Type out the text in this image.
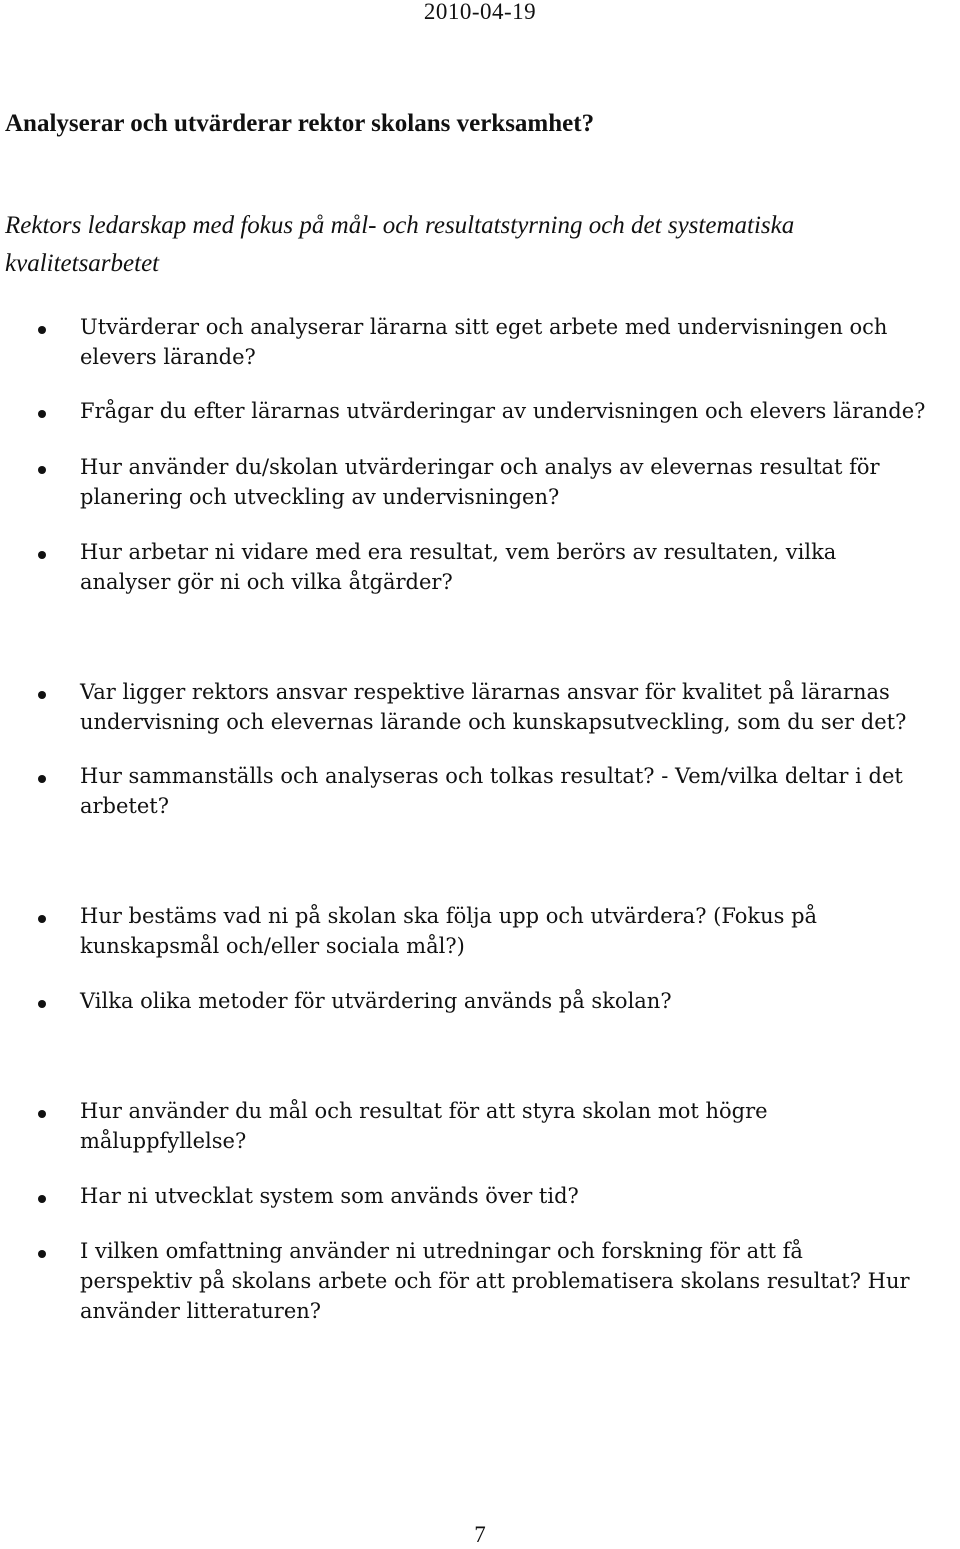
2010-04-19
Analyserar och utvärderar rektor skolans verksamhet?
Rektors ledarskap med fokus på mål- och resultatstyrning och det systematiska kvalitetsarbetet
Utvärderar och analyserar lärarna sitt eget arbete med undervisningen och
elevers lärande?
Frågar du efter lärarnas utvärderingar av undervisningen och elevers lärande?
Hur använder du/skolan utvärderingar och analys av elevernas resultat för
planering och utveckling av undervisningen?
Hur arbetar ni vidare med era resultat, vem berörs av resultaten, vilka
analyser gör ni och vilka åtgärder?
Var ligger rektors ansvar respektive lärarnas ansvar för kvalitet på lärarnas
undervisning och elevernas lärande och kunskapsutveckling, som du ser det?
Hur sammanställs och analyseras och tolkas resultat? - Vem/vilka deltar i det
arbetet?
Hur bestäms vad ni på skolan ska följa upp och utvärdera? (Fokus på
kunskapsmål och/eller sociala mål?)
Vilka olika metoder för utvärdering används på skolan?
Hur använder du mål och resultat för att styra skolan mot högre
måluppfyllelse?
Har ni utvecklat system som används över tid?
I vilken omfattning använder ni utredningar och forskning för att få
perspektiv på skolans arbete och för att problematisera skolans resultat? Hur
använder litteraturen?
7
